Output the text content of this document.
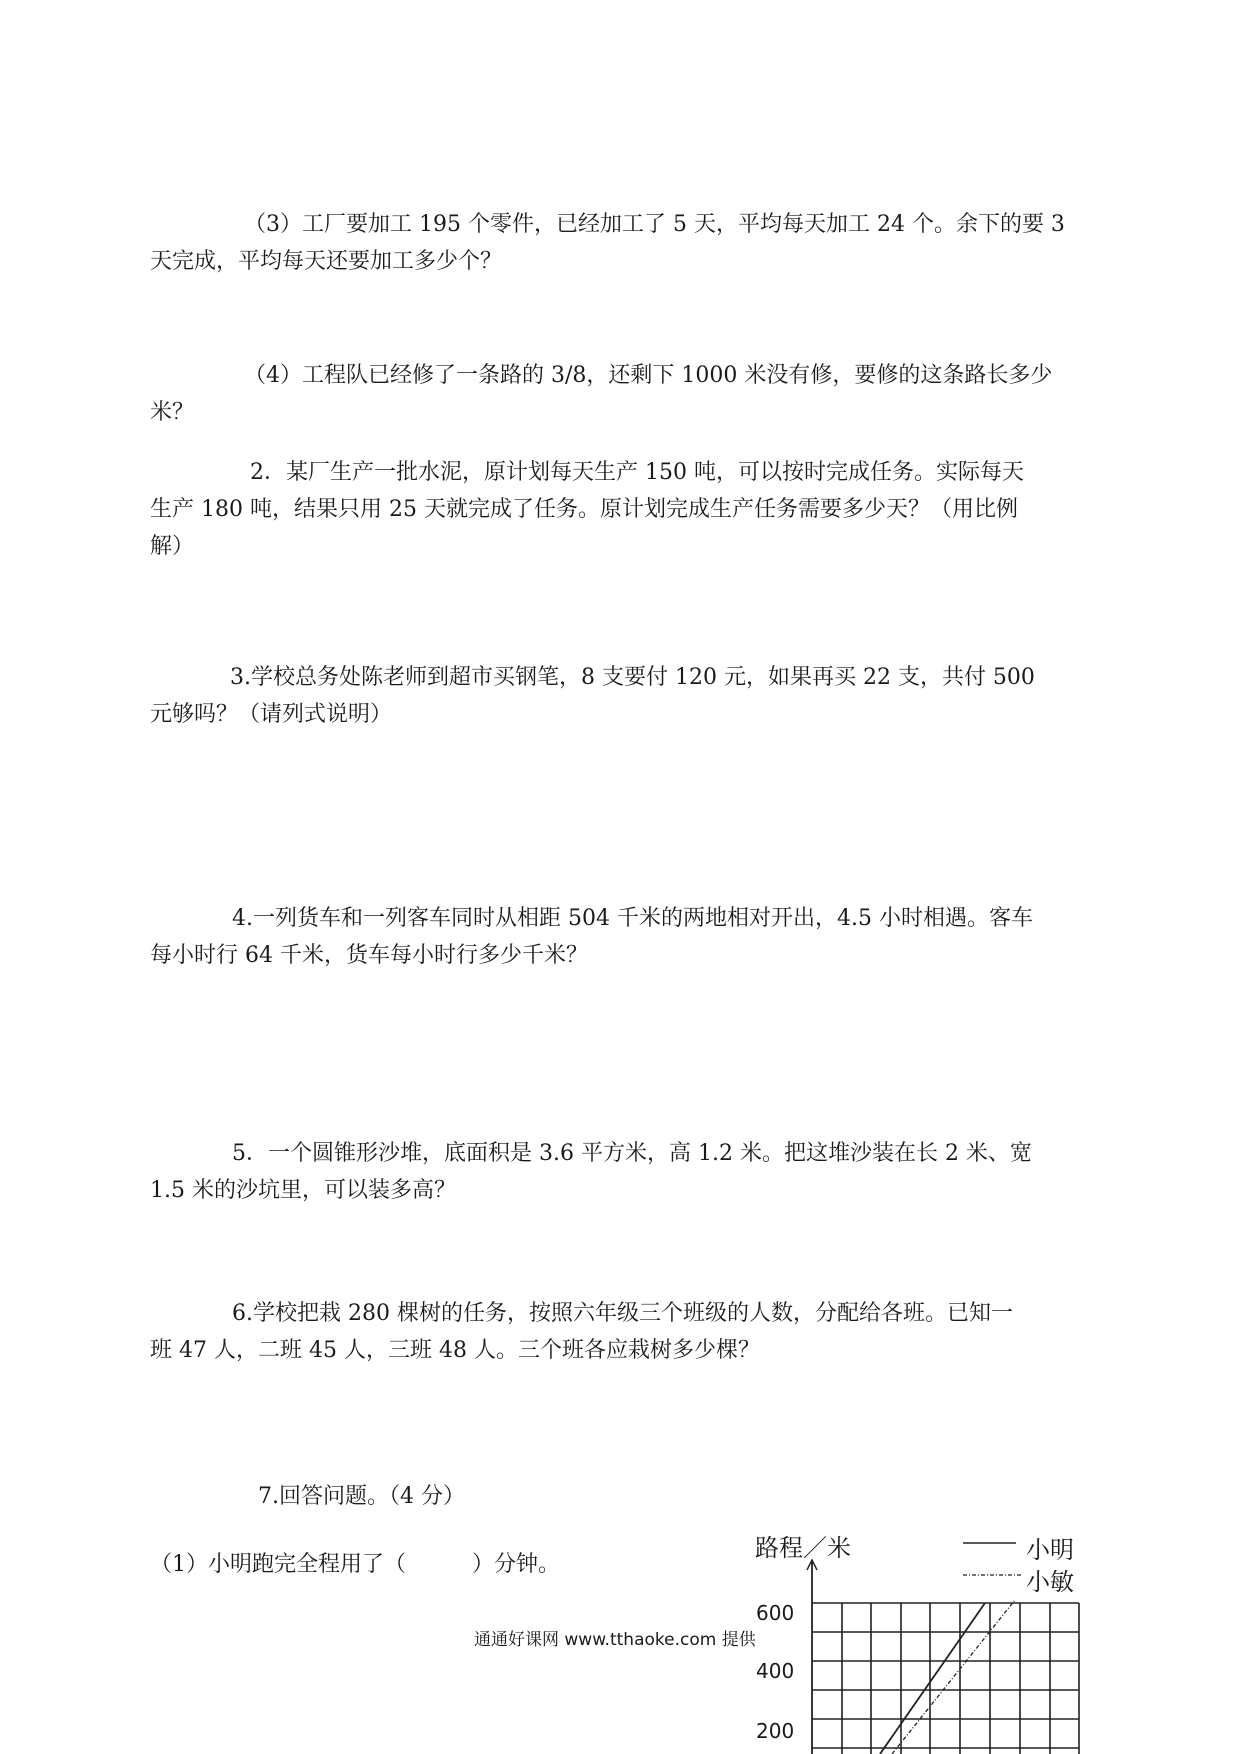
（3）工厂要加工 195 个零件，已经加工了 5 天，平均每天加工 24 个。余下的要 3
天完成，平均每天还要加工多少个？
（4）工程队已经修了一条路的 3/8，还剩下 1000 米没有修，要修的这条路长多少
米？
2．某厂生产一批水泥，原计划每天生产 150 吨，可以按时完成任务。实际每天
生产 180 吨，结果只用 25 天就完成了任务。原计划完成生产任务需要多少天？（用比例
解）
3.学校总务处陈老师到超市买钢笔，8 支要付 120 元，如果再买 22 支，共付 500
元够吗？（请列式说明）
4.一列货车和一列客车同时从相距 504 千米的两地相对开出，4.5 小时相遇。客车
每小时行 64 千米，货车每小时行多少千米？
5．一个圆锥形沙堆，底面积是 3.6 平方米，高 1.2 米。把这堆沙装在长 2 米、宽
1.5 米的沙坑里，可以装多高？
6.学校把栽 280 棵树的任务，按照六年级三个班级的人数，分配给各班。已知一
班 47 人，二班 45 人，三班 48 人。三个班各应栽树多少棵？
7.回答问题。（4 分）
（1）小明跑完全程用了（　　　）分钟。
通通好课网 www.tthaoke.com 提供
路程／米	小明
小敏
600
400
200
